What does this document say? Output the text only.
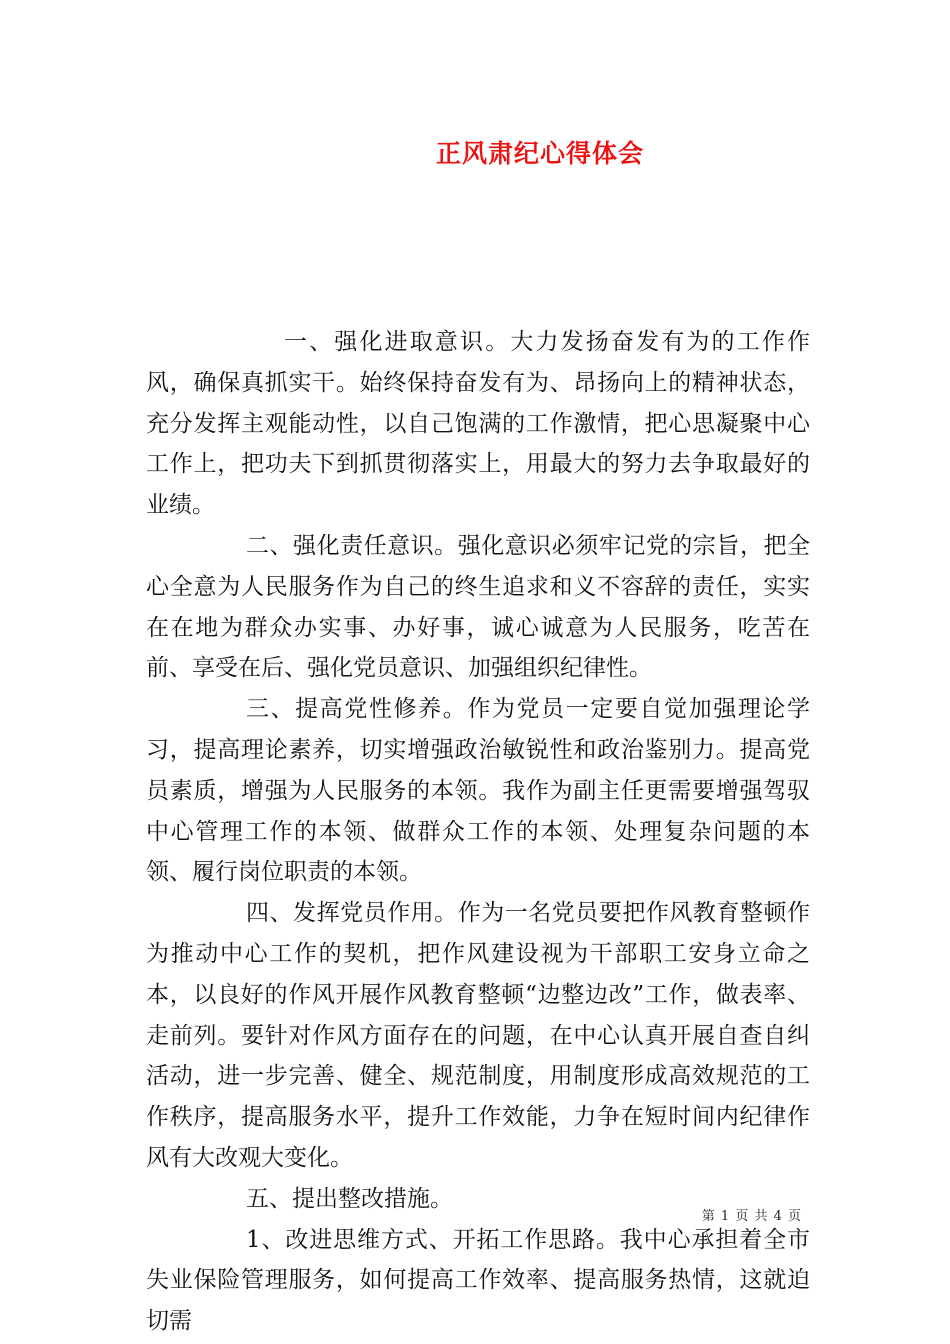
正风肃纪心得体会

一、强化进取意识。大力发扬奋发有为的工作作风，确保真抓实干。始终保持奋发有为、昂扬向上的精神状态，充分发挥主观能动性，以自己饱满的工作激情，把心思凝聚中心工作上，把功夫下到抓贯彻落实上，用最大的努力去争取最好的业绩。

二、强化责任意识。强化意识必须牢记党的宗旨，把全心全意为人民服务作为自己的终生追求和义不容辞的责任，实实在在地为群众办实事、办好事，诚心诚意为人民服务，吃苦在前、享受在后、强化党员意识、加强组织纪律性。

三、提高党性修养。作为党员一定要自觉加强理论学习，提高理论素养，切实增强政治敏锐性和政治鉴别力。提高党员素质，增强为人民服务的本领。我作为副主任更需要增强驾驭中心管理工作的本领、做群众工作的本领、处理复杂问题的本领、履行岗位职责的本领。

四、发挥党员作用。作为一名党员要把作风教育整顿作为推动中心工作的契机，把作风建设视为干部职工安身立命之本，以良好的作风开展作风教育整顿“边整边改”工作，做表率、走前列。要针对作风方面存在的问题，在中心认真开展自查自纠活动，进一步完善、健全、规范制度，用制度形成高效规范的工作秩序，提高服务水平，提升工作效能，力争在短时间内纪律作风有大改观大变化。

五、提出整改措施。

1、改进思维方式、开拓工作思路。我中心承担着全市失业保险管理服务，如何提高工作效率、提高服务热情，这就迫切需

第 1 页 共 4 页
